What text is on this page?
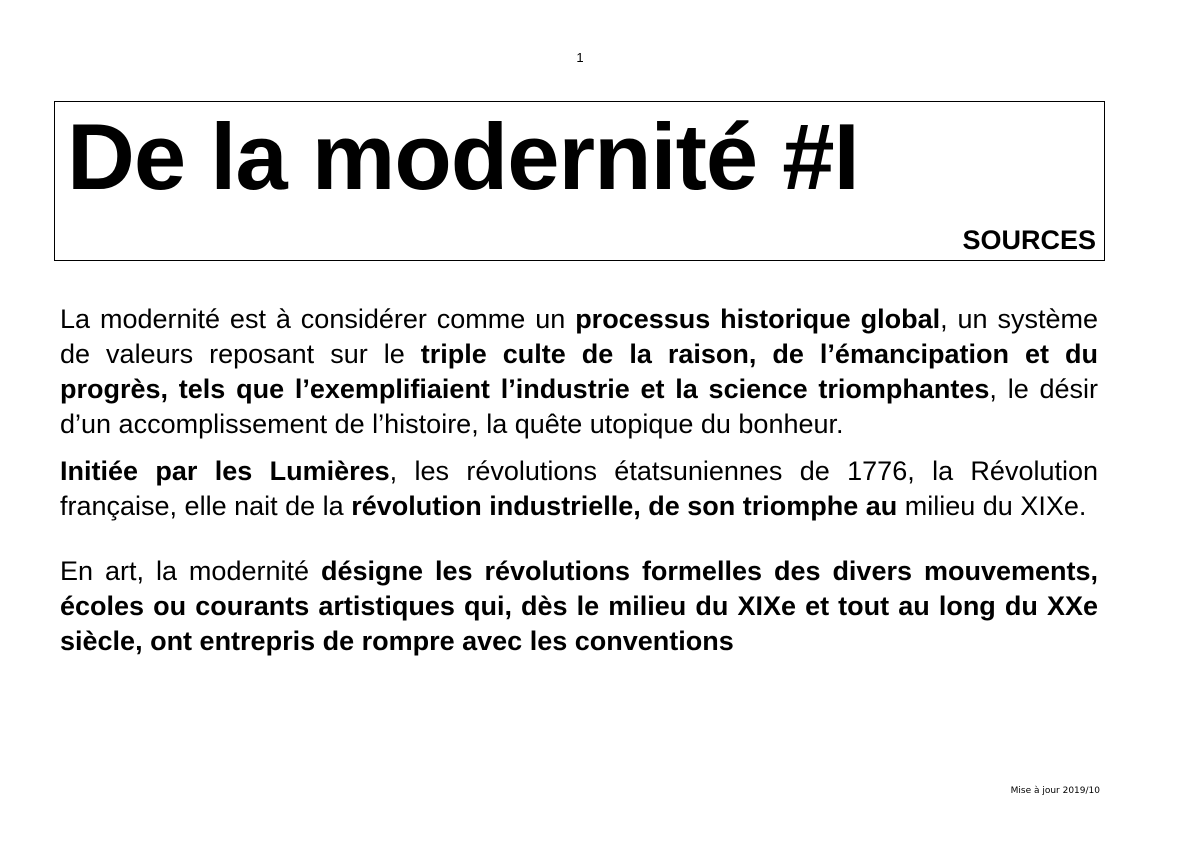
1
De la modernité #I
SOURCES

La modernité est à considérer comme un processus historique global, un système de valeurs reposant sur le triple culte de la raison, de l’émancipation et du progrès, tels que l’exemplifiaient l’industrie et la science triomphantes, le désir d’un accomplissement de l’histoire, la quête utopique du bonheur.

Initiée par les Lumières, les révolutions étatsuniennes de 1776, la Révolution française, elle nait de la révolution industrielle, de son triomphe au milieu du XIXe.

En art, la modernité désigne les révolutions formelles des divers mouvements, écoles ou courants artistiques qui, dès le milieu du XIXe et tout au long du XXe siècle, ont entrepris de rompre avec les conventions

Mise à jour 2019/10
